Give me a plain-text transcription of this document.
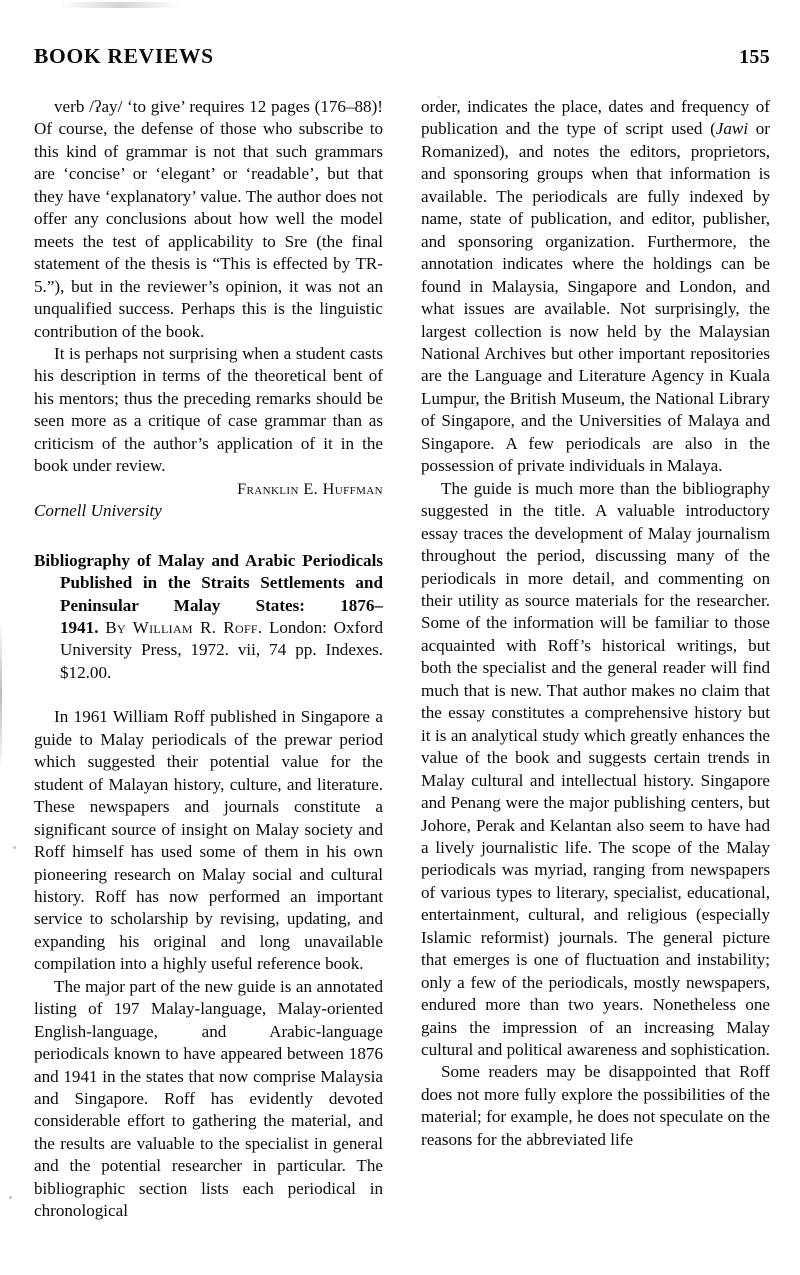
BOOK REVIEWS	155

verb /ʔay/ ‘to give’ requires 12 pages (176–88)! Of course, the defense of those who subscribe to this kind of grammar is not that such grammars are ‘concise’ or ‘elegant’ or ‘readable’, but that they have ‘explanatory’ value. The author does not offer any conclusions about how well the model meets the test of applicability to Sre (the final statement of the thesis is “This is effected by TR-5.”), but in the reviewer’s opinion, it was not an unqualified success. Perhaps this is the linguistic contribution of the book.

It is perhaps not surprising when a student casts his description in terms of the theoretical bent of his mentors; thus the preceding remarks should be seen more as a critique of case grammar than as criticism of the author’s application of it in the book under review.

Franklin E. Huffman

Cornell University

Bibliography of Malay and Arabic Periodicals Published in the Straits Settlements and Peninsular Malay States: 1876–1941. By William R. Roff. London: Oxford University Press, 1972. vii, 74 pp. Indexes. $12.00.

In 1961 William Roff published in Singapore a guide to Malay periodicals of the prewar period which suggested their potential value for the student of Malayan history, culture, and literature. These newspapers and journals constitute a significant source of insight on Malay society and Roff himself has used some of them in his own pioneering research on Malay social and cultural history. Roff has now performed an important service to scholarship by revising, updating, and expanding his original and long unavailable compilation into a highly useful reference book.

The major part of the new guide is an annotated listing of 197 Malay-language, Malay-oriented English-language, and Arabic-language periodicals known to have appeared between 1876 and 1941 in the states that now comprise Malaysia and Singapore. Roff has evidently devoted considerable effort to gathering the material, and the results are valuable to the specialist in general and the potential researcher in particular. The bibliographic section lists each periodical in chronological

order, indicates the place, dates and frequency of publication and the type of script used (Jawi or Romanized), and notes the editors, proprietors, and sponsoring groups when that information is available. The periodicals are fully indexed by name, state of publication, and editor, publisher, and sponsoring organization. Furthermore, the annotation indicates where the holdings can be found in Malaysia, Singapore and London, and what issues are available. Not surprisingly, the largest collection is now held by the Malaysian National Archives but other important repositories are the Language and Literature Agency in Kuala Lumpur, the British Museum, the National Library of Singapore, and the Universities of Malaya and Singapore. A few periodicals are also in the possession of private individuals in Malaya.

The guide is much more than the bibliography suggested in the title. A valuable introductory essay traces the development of Malay journalism throughout the period, discussing many of the periodicals in more detail, and commenting on their utility as source materials for the researcher. Some of the information will be familiar to those acquainted with Roff’s historical writings, but both the specialist and the general reader will find much that is new. That author makes no claim that the essay constitutes a comprehensive history but it is an analytical study which greatly enhances the value of the book and suggests certain trends in Malay cultural and intellectual history. Singapore and Penang were the major publishing centers, but Johore, Perak and Kelantan also seem to have had a lively journalistic life. The scope of the Malay periodicals was myriad, ranging from newspapers of various types to literary, specialist, educational, entertainment, cultural, and religious (especially Islamic reformist) journals. The general picture that emerges is one of fluctuation and instability; only a few of the periodicals, mostly newspapers, endured more than two years. Nonetheless one gains the impression of an increasing Malay cultural and political awareness and sophistication.

Some readers may be disappointed that Roff does not more fully explore the possibilities of the material; for example, he does not speculate on the reasons for the abbreviated life
